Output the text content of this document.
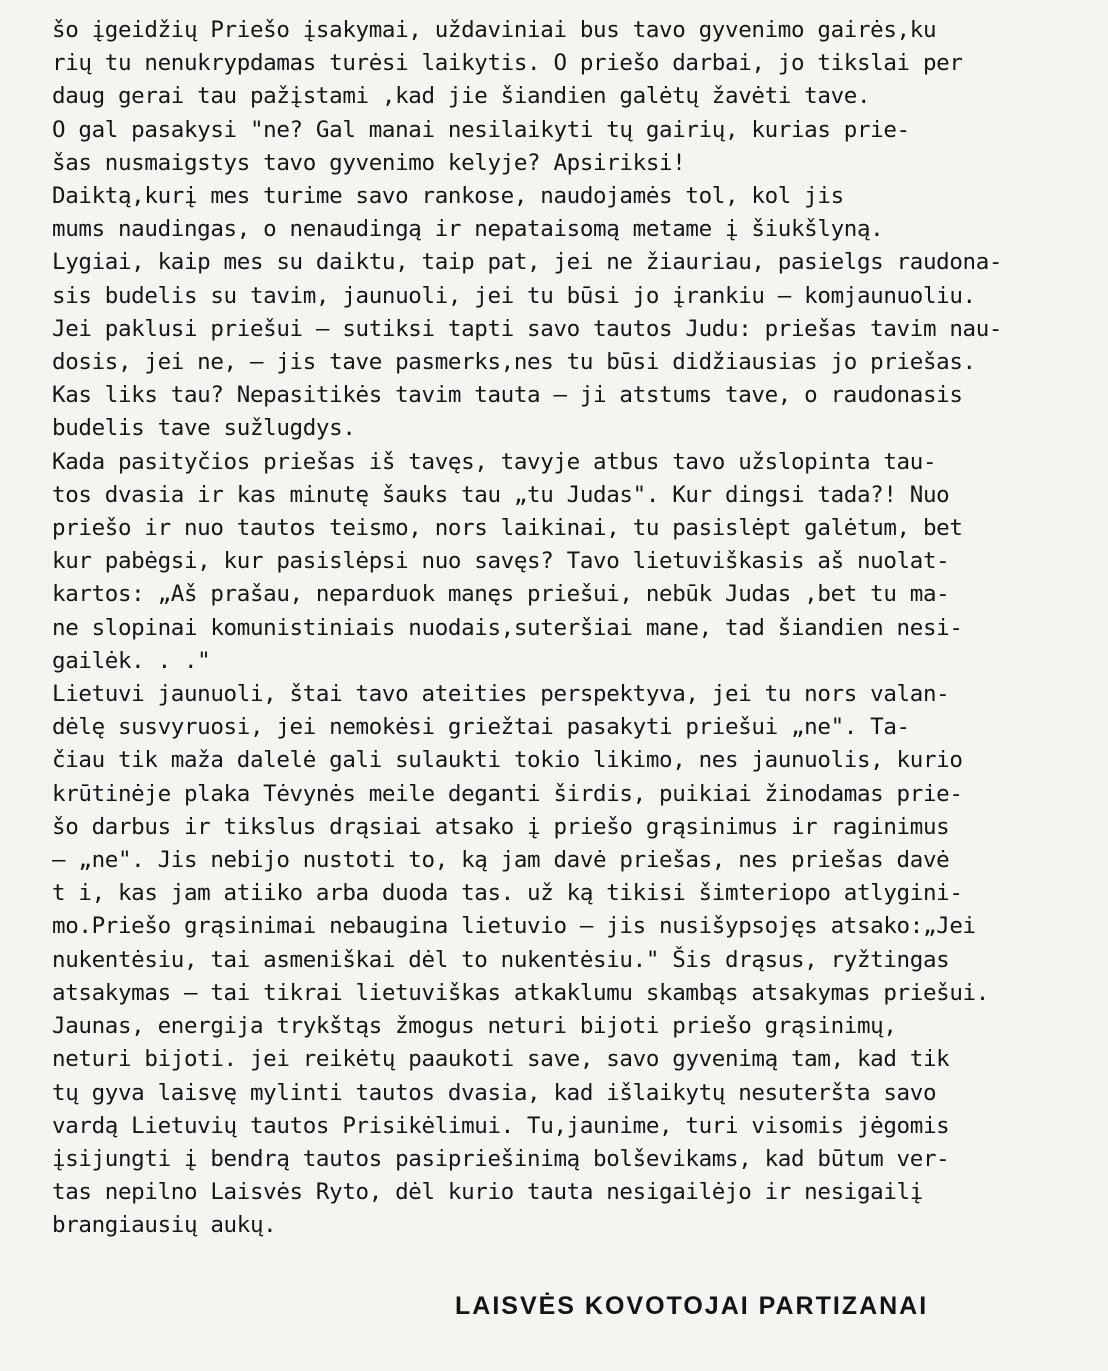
šo įgeidžių Priešo įsakymai, uždaviniai bus tavo gyvenimo gairės,ku
rių tu nenukrypdamas turėsi laikytis. O priešo darbai, jo tikslai per
daug gerai tau pažįstami ,kad jie šiandien galėtų žavėti tave.
O gal pasakysi "ne? Gal manai nesilaikyti tų gairių, kurias prie-
šas nusmaigstys tavo gyvenimo kelyje? Apsiriksi!
Daiktą,kurį mes turime savo rankose, naudojamės tol, kol jis
mums naudingas, o nenaudingą ir nepataisomą metame į šiukšlyną.
Lygiai, kaip mes su daiktu, taip pat, jei ne žiauriau, pasielgs raudona-
sis budelis su tavim, jaunuoli, jei tu būsi jo įrankiu — komjaunuoliu.
Jei paklusi priešui — sutiksi tapti savo tautos Judu: priešas tavim nau-
dosis, jei ne, — jis tave pasmerks,nes tu būsi didžiausias jo priešas.
Kas liks tau? Nepasitikės tavim tauta — ji atstums tave, o raudonasis
budelis tave sužlugdys.
Kada pasityčios priešas iš tavęs, tavyje atbus tavo užslopinta tau-
tos dvasia ir kas minutę šauks tau „tu Judas". Kur dingsi tada?! Nuo
priešo ir nuo tautos teismo, nors laikinai, tu pasislėpt galėtum, bet
kur pabėgsi, kur pasislėpsi nuo savęs? Tavo lietuviškasis aš nuolat-
kartos: „Aš prašau, neparduok manęs priešui, nebūk Judas ,bet tu ma-
ne slopinai komunistiniais nuodais,suteršiai mane, tad šiandien nesi-
gailėk. . ."
Lietuvi jaunuoli, štai tavo ateities perspektyva, jei tu nors valan-
dėlę susvyruosi, jei nemokėsi griežtai pasakyti priešui „ne". Ta-
čiau tik maža dalelė gali sulaukti tokio likimo, nes jaunuolis, kurio
krūtinėje plaka Tėvynės meile deganti širdis, puikiai žinodamas prie-
šo darbus ir tikslus drąsiai atsako į priešo grąsinimus ir raginimus
— „ne". Jis nebijo nustoti to, ką jam davė priešas, nes priešas davė
t i, kas jam atiiko arba duoda tas. už ką tikisi šimteriopo atlygini-
mo.Priešo grąsinimai nebaugina lietuvio — jis nusišypsojęs atsako:„Jei
nukentėsiu, tai asmeniškai dėl to nukentėsiu." Šis drąsus, ryžtingas
atsakymas — tai tikrai lietuviškas atkaklumu skambąs atsakymas priešui.
Jaunas, energija trykštąs žmogus neturi bijoti priešo grąsinimų,
neturi bijoti. jei reikėtų paaukoti save, savo gyvenimą tam, kad tik
tų gyva laisvę mylinti tautos dvasia, kad išlaikytų nesuteršta savo
vardą Lietuvių tautos Prisikėlimui. Tu,jaunime, turi visomis jėgomis
įsijungti į bendrą tautos pasipriešinimą bolševikams, kad būtum ver-
tas nepilno Laisvės Ryto, dėl kurio tauta nesigailėjo ir nesigailį
brangiausių aukų.
LAISVĖS KOVOTOJAI PARTIZANAI
